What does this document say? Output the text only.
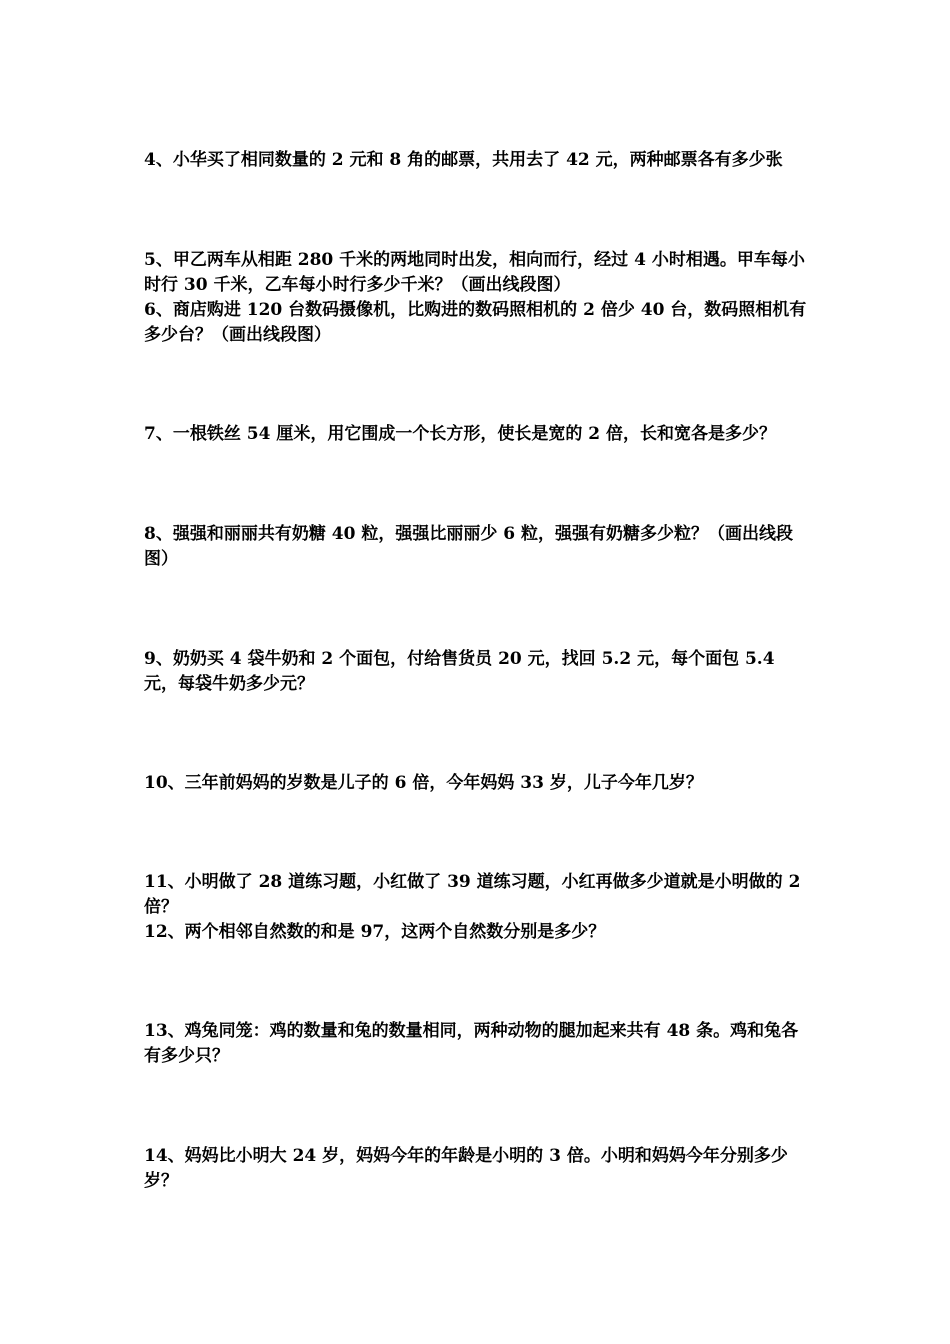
4、小华买了相同数量的 2 元和 8 角的邮票，共用去了 42 元，两种邮票各有多少张

5、甲乙两车从相距 280 千米的两地同时出发，相向而行，经过 4 小时相遇。甲车每小时行 30 千米，乙车每小时行多少千米？（画出线段图）

6、商店购进 120 台数码摄像机，比购进的数码照相机的 2 倍少 40 台，数码照相机有多少台？（画出线段图）

7、一根铁丝 54 厘米，用它围成一个长方形，使长是宽的 2 倍，长和宽各是多少？

8、强强和丽丽共有奶糖 40 粒，强强比丽丽少 6 粒，强强有奶糖多少粒？（画出线段图）

9、奶奶买 4 袋牛奶和 2 个面包，付给售货员 20 元，找回 5.2 元，每个面包 5.4 元，每袋牛奶多少元？

10、三年前妈妈的岁数是儿子的 6 倍，今年妈妈 33 岁，儿子今年几岁？

11、小明做了 28 道练习题，小红做了 39 道练习题，小红再做多少道就是小明做的 2 倍？

12、两个相邻自然数的和是 97，这两个自然数分别是多少？

13、鸡兔同笼：鸡的数量和兔的数量相同，两种动物的腿加起来共有 48 条。鸡和兔各有多少只？

14、妈妈比小明大 24 岁，妈妈今年的年龄是小明的 3 倍。小明和妈妈今年分别多少岁？
